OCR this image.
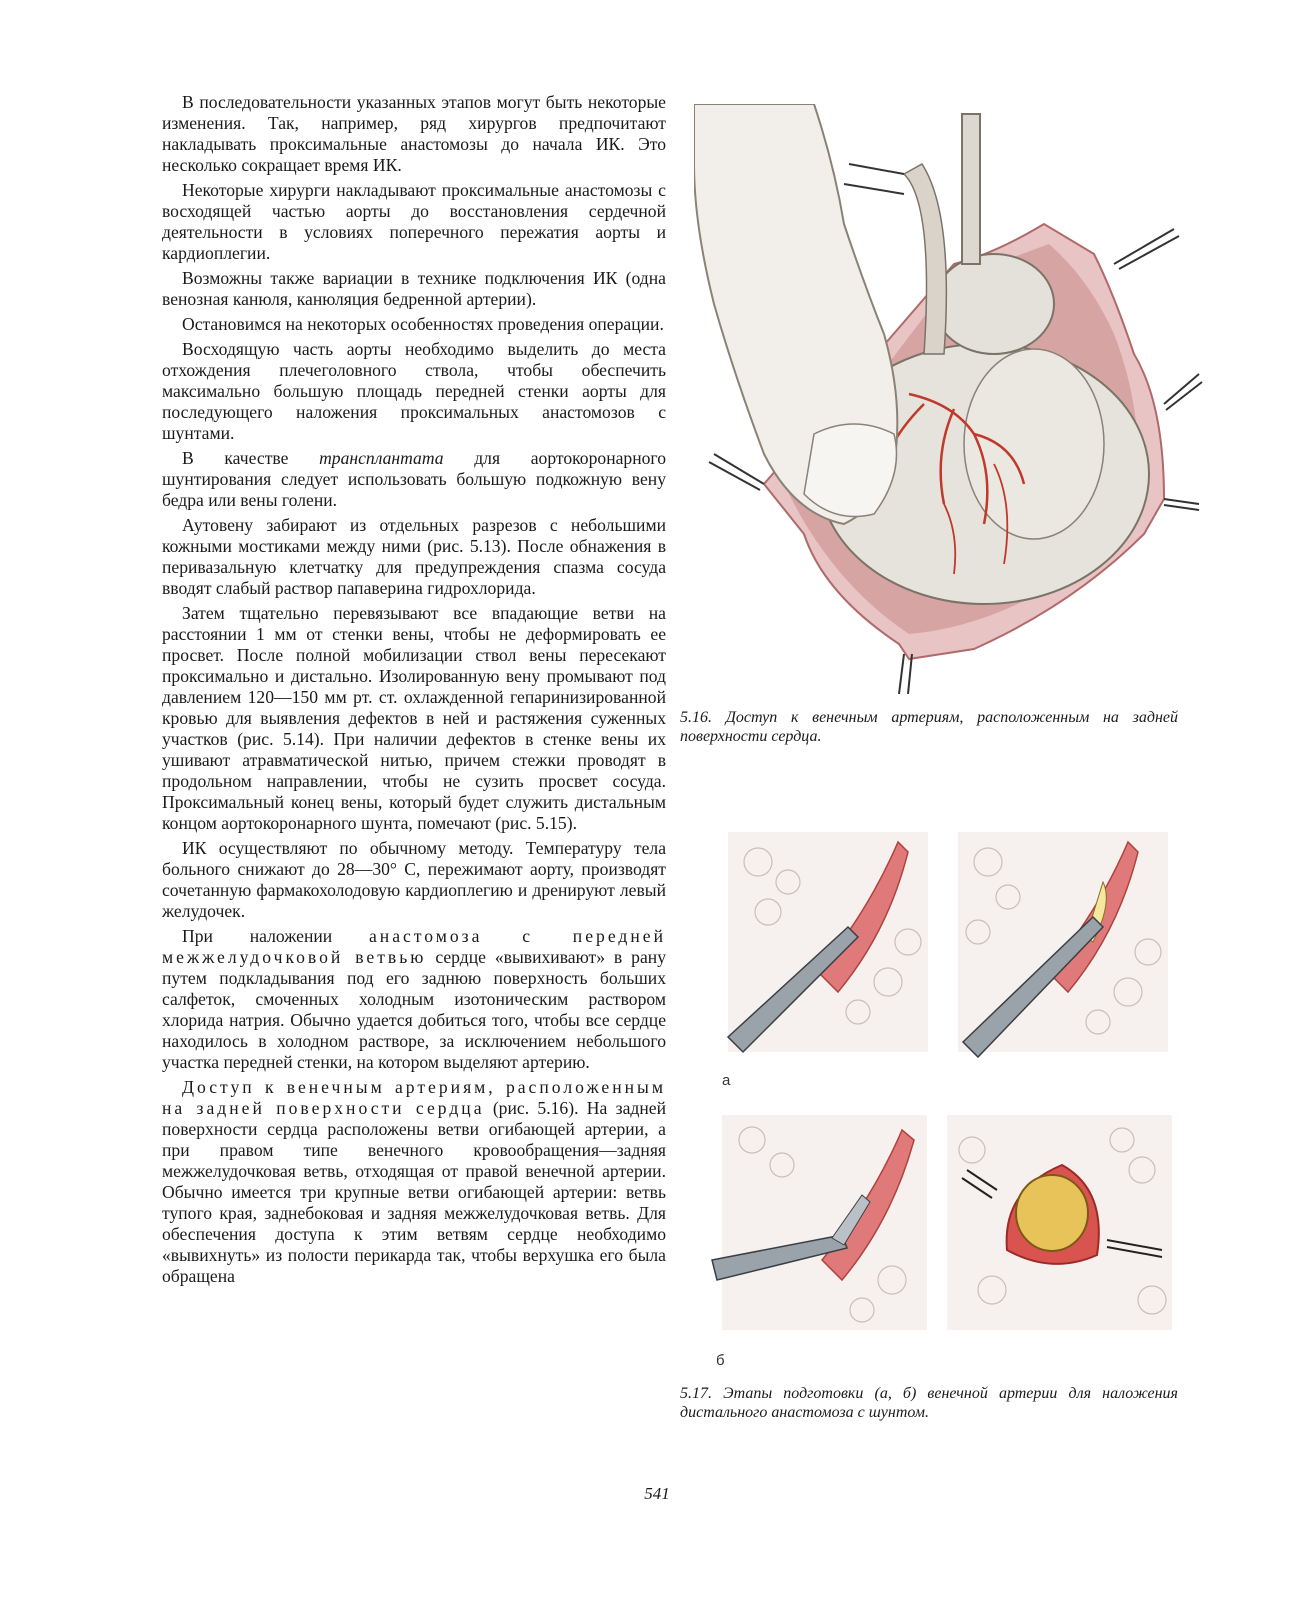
В последовательности указанных этапов могут быть некоторые изменения. Так, например, ряд хирургов предпочитают накладывать проксимальные анастомозы до начала ИК. Это несколько сокращает время ИК.

Некоторые хирурги накладывают проксимальные анастомозы с восходящей частью аорты до восстановления сердечной деятельности в условиях поперечного пережатия аорты и кардиоплегии.

Возможны также вариации в технике подключения ИК (одна венозная канюля, канюляция бедренной артерии).

Остановимся на некоторых особенностях проведения операции.

Восходящую часть аорты необходимо выделить до места отхождения плечеголовного ствола, чтобы обеспечить максимально большую площадь передней стенки аорты для последующего наложения проксимальных анастомозов с шунтами.

В качестве трансплантата для аортокоронарного шунтирования следует использовать большую подкожную вену бедра или вены голени.

Аутовену забирают из отдельных разрезов с небольшими кожными мостиками между ними (рис. 5.13). После обнажения в перивазальную клетчатку для предупреждения спазма сосуда вводят слабый раствор папаверина гидрохлорида.

Затем тщательно перевязывают все впадающие ветви на расстоянии 1 мм от стенки вены, чтобы не деформировать ее просвет. После полной мобилизации ствол вены пересекают проксимально и дистально. Изолированную вену промывают под давлением 120—150 мм рт. ст. охлажденной гепаринизированной кровью для выявления дефектов в ней и растяжения суженных участков (рис. 5.14). При наличии дефектов в стенке вены их ушивают атравматической нитью, причем стежки проводят в продольном направлении, чтобы не сузить просвет сосуда. Проксимальный конец вены, который будет служить дистальным концом аортокоронарного шунта, помечают (рис. 5.15).

ИК осуществляют по обычному методу. Температуру тела больного снижают до 28—30° С, пережимают аорту, производят сочетанную фармакохолодовую кардиоплегию и дренируют левый желудочек.

При наложении анастомоза с передней межжелудочковой ветвью сердце «вывихивают» в рану путем подкладывания под его заднюю поверхность больших салфеток, смоченных холодным изотоническим раствором хлорида натрия. Обычно удается добиться того, чтобы все сердце находилось в холодном растворе, за исключением небольшого участка передней стенки, на котором выделяют артерию.

Доступ к венечным артериям, расположенным на задней поверхности сердца (рис. 5.16). На задней поверхности сердца расположены ветви огибающей артерии, а при правом типе венечного кровообращения—задняя межжелудочковая ветвь, отходящая от правой венечной артерии. Обычно имеется три крупные ветви огибающей артерии: ветвь тупого края, заднебоковая и задняя межжелудочковая ветвь. Для обеспечения доступа к этим ветвям сердце необходимо «вывихнуть» из полости перикарда так, чтобы верхушка его была обращена

5.16. Доступ к венечным артериям, расположенным на задней поверхности сердца.
а
б
5.17. Этапы подготовки (а, б) венечной артерии для наложения дистального анастомоза с шунтом.
541
